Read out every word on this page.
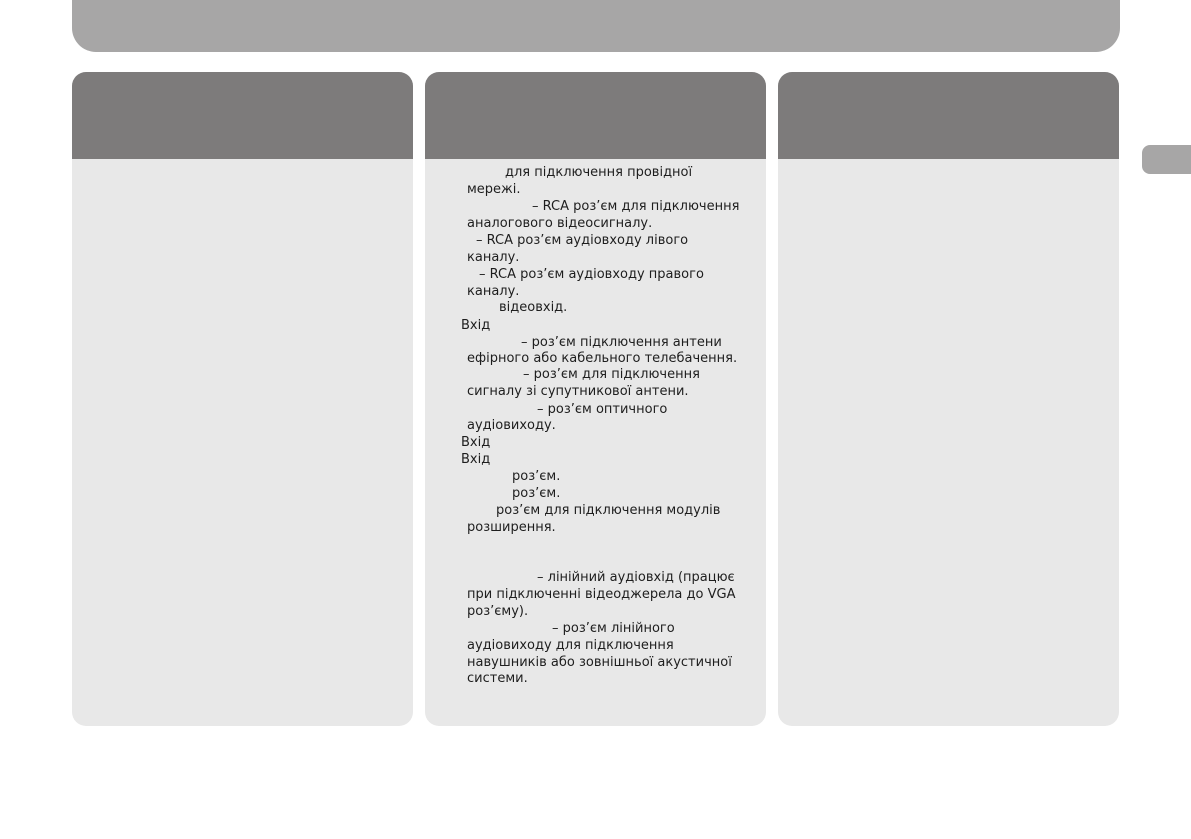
для підключення провідної
мережі.
– RCA роз’єм для підключення
аналогового відеосигналу.
– RCA роз’єм аудіовходу лівого
каналу.
– RCA роз’єм аудіовходу правого
каналу.
відеовхід.
Вхід
– роз’єм підключення антени
ефірного або кабельного телебачення.
– роз’єм для підключення
сигналу зі супутникової антени.
– роз’єм оптичного
аудіовиходу.
Вхід
Вхід
роз’єм.
роз’єм.
роз’єм для підключення модулів
розширення.
– лінійний аудіовхід (працює
при підключенні відеоджерела до VGA
роз’єму).
– роз’єм лінійного
аудіовиходу для підключення
навушників або зовнішньої акустичної
системи.
